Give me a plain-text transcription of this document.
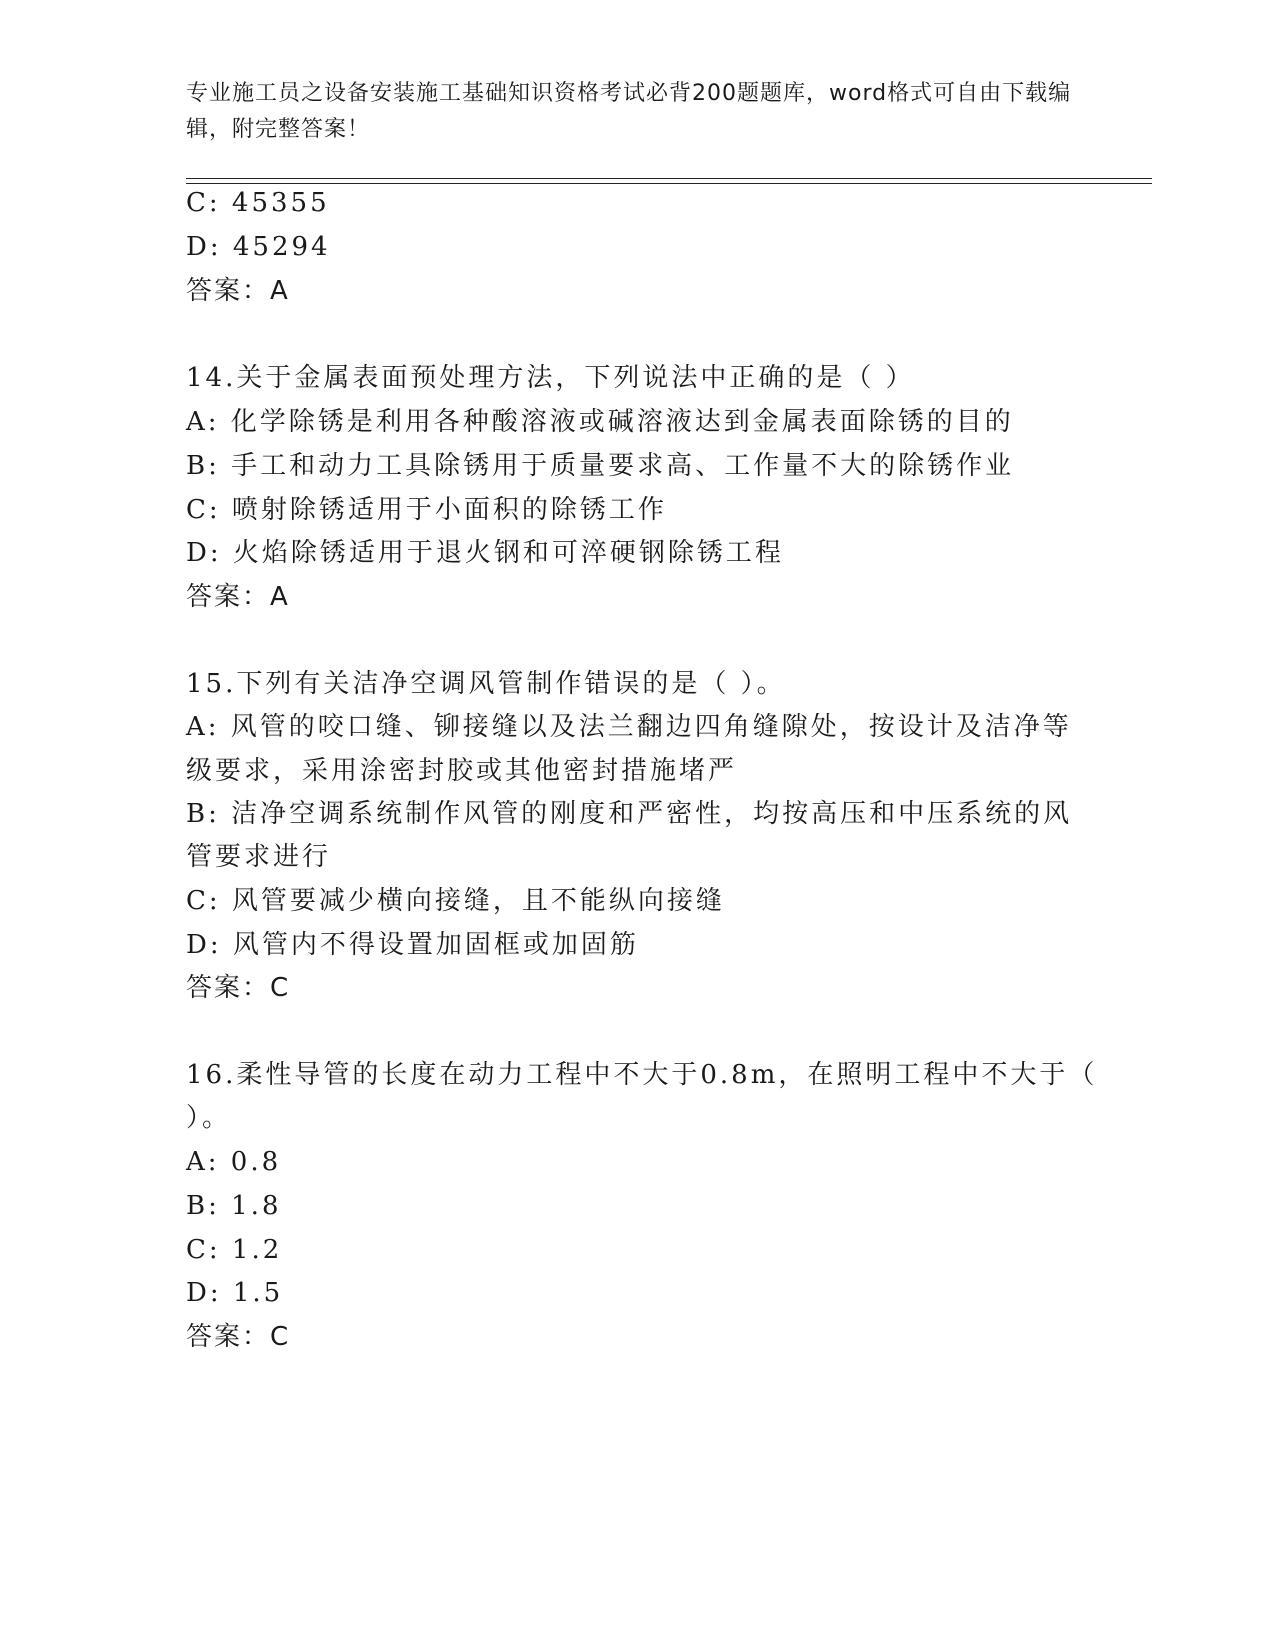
专业施工员之设备安装施工基础知识资格考试必背200题题库，word格式可自由下载编辑，附完整答案！
C: 45355
D: 45294
答案：A
14.关于金属表面预处理方法，下列说法中正确的是（ ）
A: 化学除锈是利用各种酸溶液或碱溶液达到金属表面除锈的目的
B: 手工和动力工具除锈用于质量要求高、工作量不大的除锈作业
C: 喷射除锈适用于小面积的除锈工作
D: 火焰除锈适用于退火钢和可淬硬钢除锈工程
答案：A
15.下列有关洁净空调风管制作错误的是（ ）。
A: 风管的咬口缝、铆接缝以及法兰翻边四角缝隙处，按设计及洁净等
级要求，采用涂密封胶或其他密封措施堵严
B: 洁净空调系统制作风管的刚度和严密性，均按高压和中压系统的风
管要求进行
C: 风管要减少横向接缝，且不能纵向接缝
D: 风管内不得设置加固框或加固筋
答案：C
16.柔性导管的长度在动力工程中不大于0.8m，在照明工程中不大于（
）。
A: 0.8
B: 1.8
C: 1.2
D: 1.5
答案：C
